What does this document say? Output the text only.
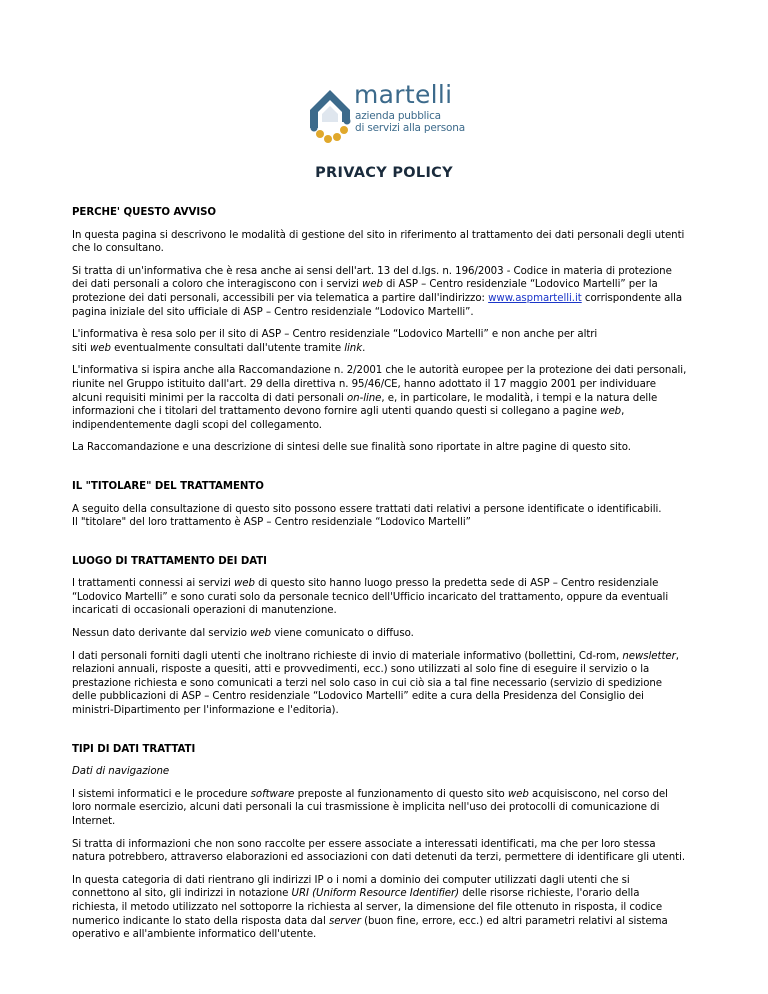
martelli
azienda pubblica
di servizi alla persona
PRIVACY POLICY
PERCHE' QUESTO AVVISO

In questa pagina si descrivono le modalità di gestione del sito in riferimento al trattamento dei dati personali degli utenti che lo consultano.

Si tratta di un'informativa che è resa anche ai sensi dell'art. 13 del d.lgs. n. 196/2003 - Codice in materia di protezione dei dati personali a coloro che interagiscono con i servizi web di ASP – Centro residenziale “Lodovico Martelli” per la protezione dei dati personali, accessibili per via telematica a partire dall'indirizzo: www.aspmartelli.it corrispondente alla pagina iniziale del sito ufficiale di ASP – Centro residenziale “Lodovico Martelli”.

L'informativa è resa solo per il sito di ASP – Centro residenziale “Lodovico Martelli” e non anche per altri
siti web eventualmente consultati dall'utente tramite link.

L'informativa si ispira anche alla Raccomandazione n. 2/2001 che le autorità europee per la protezione dei dati personali, riunite nel Gruppo istituito dall'art. 29 della direttiva n. 95/46/CE, hanno adottato il 17 maggio 2001 per individuare alcuni requisiti minimi per la raccolta di dati personali on-line, e, in particolare, le modalità, i tempi e la natura delle informazioni che i titolari del trattamento devono fornire agli utenti quando questi si collegano a pagine web, indipendentemente dagli scopi del collegamento.

La Raccomandazione e una descrizione di sintesi delle sue finalità sono riportate in altre pagine di questo sito.

IL "TITOLARE" DEL TRATTAMENTO

A seguito della consultazione di questo sito possono essere trattati dati relativi a persone identificate o identificabili.
Il "titolare" del loro trattamento è ASP – Centro residenziale “Lodovico Martelli”

LUOGO DI TRATTAMENTO DEI DATI

I trattamenti connessi ai servizi web di questo sito hanno luogo presso la predetta sede di ASP – Centro residenziale “Lodovico Martelli” e sono curati solo da personale tecnico dell'Ufficio incaricato del trattamento, oppure da eventuali incaricati di occasionali operazioni di manutenzione.

Nessun dato derivante dal servizio web viene comunicato o diffuso.

I dati personali forniti dagli utenti che inoltrano richieste di invio di materiale informativo (bollettini, Cd-rom, newsletter, relazioni annuali, risposte a quesiti, atti e provvedimenti, ecc.) sono utilizzati al solo fine di eseguire il servizio o la prestazione richiesta e sono comunicati a terzi nel solo caso in cui ciò sia a tal fine necessario (servizio di spedizione delle pubblicazioni di ASP – Centro residenziale “Lodovico Martelli” edite a cura della Presidenza del Consiglio dei ministri-Dipartimento per l'informazione e l'editoria).

TIPI DI DATI TRATTATI

Dati di navigazione

I sistemi informatici e le procedure software preposte al funzionamento di questo sito web acquisiscono, nel corso del loro normale esercizio, alcuni dati personali la cui trasmissione è implicita nell'uso dei protocolli di comunicazione di Internet.

Si tratta di informazioni che non sono raccolte per essere associate a interessati identificati, ma che per loro stessa natura potrebbero, attraverso elaborazioni ed associazioni con dati detenuti da terzi, permettere di identificare gli utenti.

In questa categoria di dati rientrano gli indirizzi IP o i nomi a dominio dei computer utilizzati dagli utenti che si connettono al sito, gli indirizzi in notazione URI (Uniform Resource Identifier) delle risorse richieste, l'orario della richiesta, il metodo utilizzato nel sottoporre la richiesta al server, la dimensione del file ottenuto in risposta, il codice numerico indicante lo stato della risposta data dal server (buon fine, errore, ecc.) ed altri parametri relativi al sistema operativo e all'ambiente informatico dell'utente.
